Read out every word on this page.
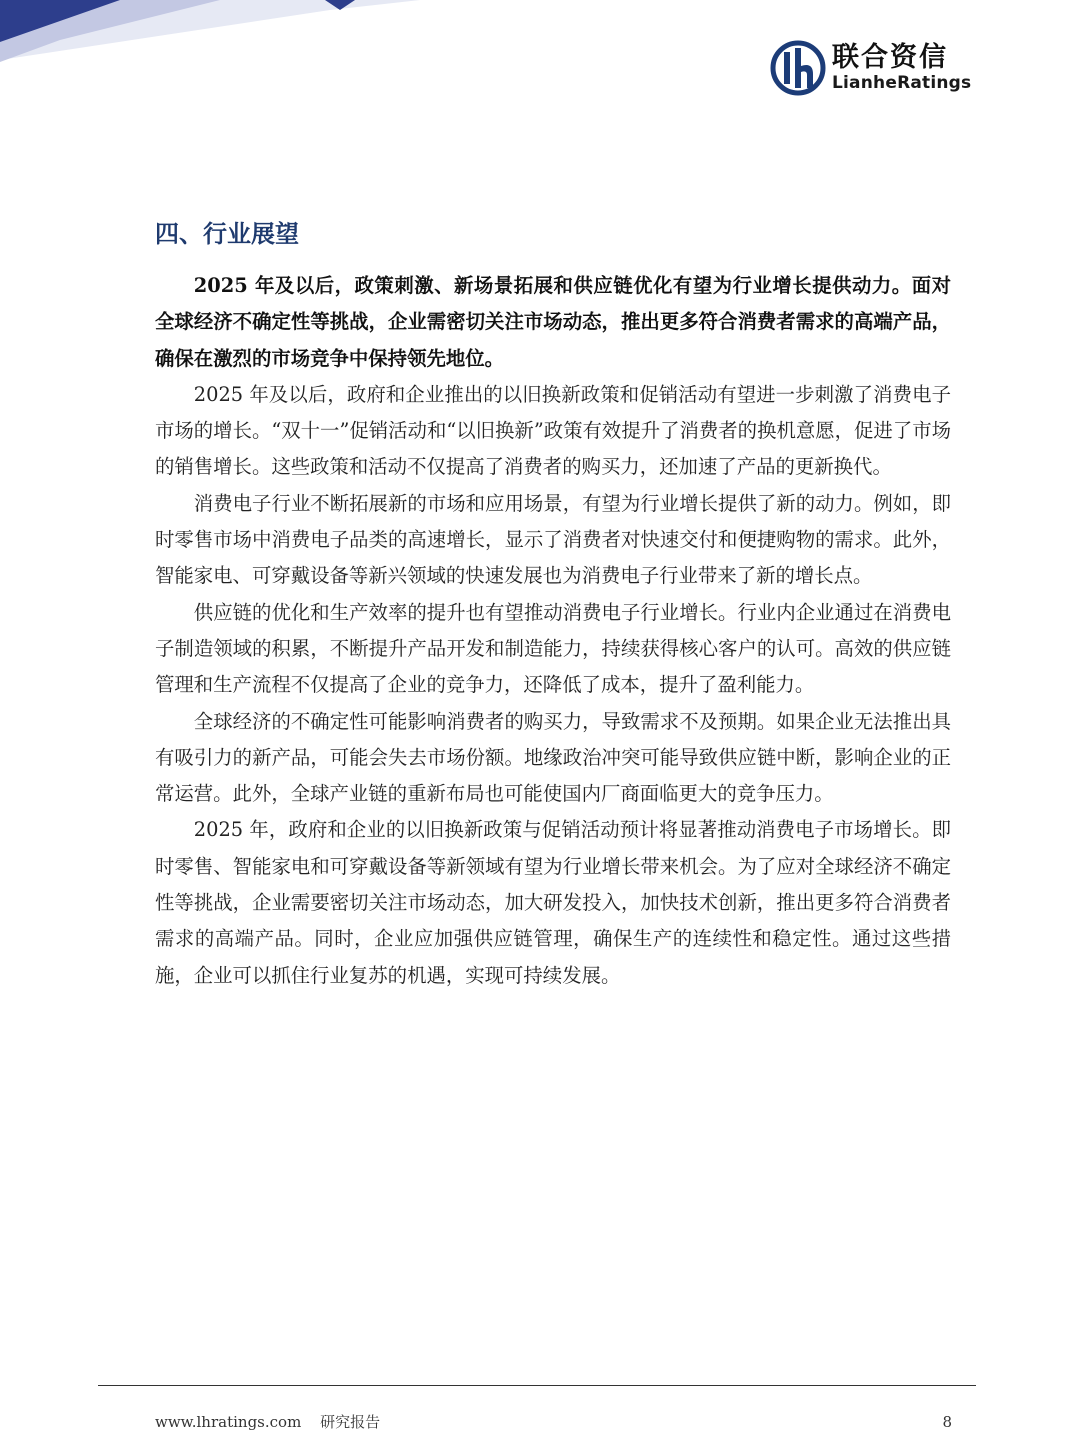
联合资信
LianheRatings
四、行业展望

2025 年及以后，政策刺激、新场景拓展和供应链优化有望为行业增长提供动力。面对全球经济不确定性等挑战，企业需密切关注市场动态，推出更多符合消费者需求的高端产品，确保在激烈的市场竞争中保持领先地位。

2025 年及以后，政府和企业推出的以旧换新政策和促销活动有望进一步刺激了消费电子市场的增长。“双十一”促销活动和“以旧换新”政策有效提升了消费者的换机意愿，促进了市场的销售增长。这些政策和活动不仅提高了消费者的购买力，还加速了产品的更新换代。

消费电子行业不断拓展新的市场和应用场景，有望为行业增长提供了新的动力。例如，即时零售市场中消费电子品类的高速增长，显示了消费者对快速交付和便捷购物的需求。此外，智能家电、可穿戴设备等新兴领域的快速发展也为消费电子行业带来了新的增长点。

供应链的优化和生产效率的提升也有望推动消费电子行业增长。行业内企业通过在消费电子制造领域的积累，不断提升产品开发和制造能力，持续获得核心客户的认可。高效的供应链管理和生产流程不仅提高了企业的竞争力，还降低了成本，提升了盈利能力。

全球经济的不确定性可能影响消费者的购买力，导致需求不及预期。如果企业无法推出具有吸引力的新产品，可能会失去市场份额。地缘政治冲突可能导致供应链中断，影响企业的正常运营。此外，全球产业链的重新布局也可能使国内厂商面临更大的竞争压力。

2025 年，政府和企业的以旧换新政策与促销活动预计将显著推动消费电子市场增长。即时零售、智能家电和可穿戴设备等新领域有望为行业增长带来机会。为了应对全球经济不确定性等挑战，企业需要密切关注市场动态，加大研发投入，加快技术创新，推出更多符合消费者需求的高端产品。同时，企业应加强供应链管理，确保生产的连续性和稳定性。通过这些措施，企业可以抓住行业复苏的机遇，实现可持续发展。

www.lhratings.com 研究报告	8
